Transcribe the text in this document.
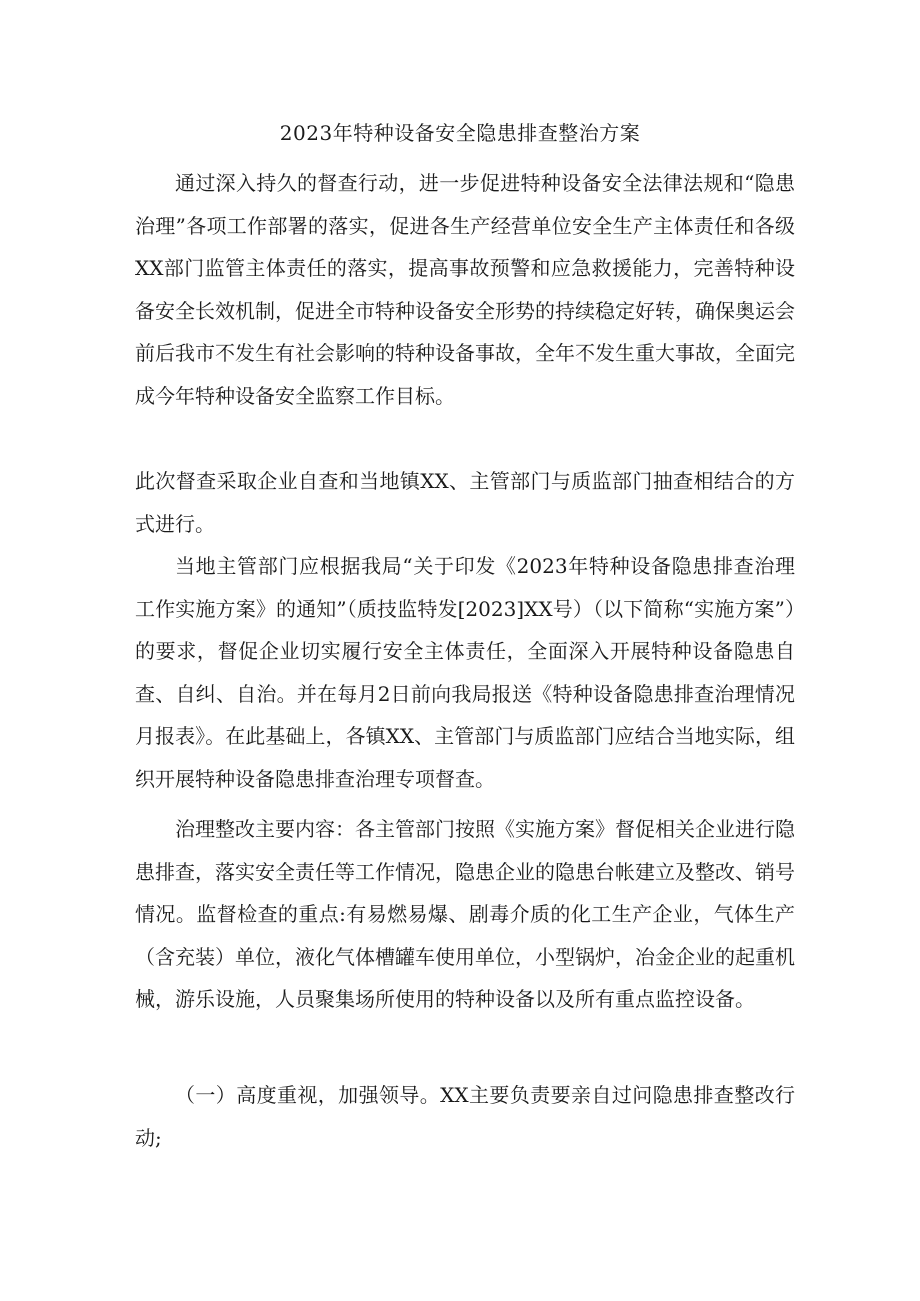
2023年特种设备安全隐患排查整治方案

通过深入持久的督查行动，进一步促进特种设备安全法律法规和“隐患治理”各项工作部署的落实，促进各生产经营单位安全生产主体责任和各级XX部门监管主体责任的落实，提高事故预警和应急救援能力，完善特种设备安全长效机制，促进全市特种设备安全形势的持续稳定好转，确保奥运会前后我市不发生有社会影响的特种设备事故，全年不发生重大事故，全面完成今年特种设备安全监察工作目标。

此次督查采取企业自查和当地镇XX、主管部门与质监部门抽查相结合的方式进行。

当地主管部门应根据我局“关于印发《2023年特种设备隐患排查治理工作实施方案》的通知”（质技监特发[2023]XX号）（以下简称“实施方案”）的要求，督促企业切实履行安全主体责任，全面深入开展特种设备隐患自查、自纠、自治。并在每月2日前向我局报送《特种设备隐患排查治理情况月报表》。在此基础上，各镇XX、主管部门与质监部门应结合当地实际，组织开展特种设备隐患排查治理专项督查。

治理整改主要内容：各主管部门按照《实施方案》督促相关企业进行隐患排查，落实安全责任等工作情况，隐患企业的隐患台帐建立及整改、销号情况。监督检查的重点:有易燃易爆、剧毒介质的化工生产企业，气体生产（含充装）单位，液化气体槽罐车使用单位，小型锅炉，冶金企业的起重机械，游乐设施，人员聚集场所使用的特种设备以及所有重点监控设备。

（一）高度重视，加强领导。XX主要负责要亲自过问隐患排查整改行动;
